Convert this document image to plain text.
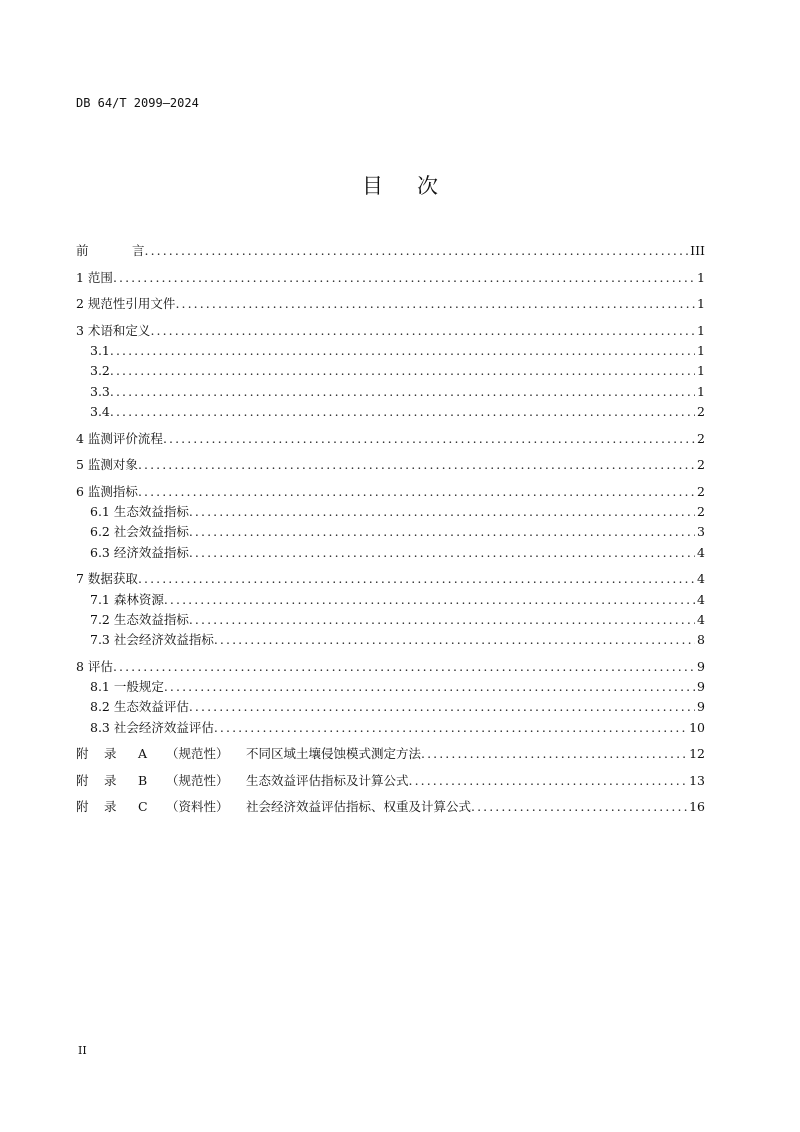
DB 64/T 2099—2024
目 次
前	言 .....	III
1 范围 .....	1
2 规范性引用文件 .....	1
3 术语和定义 .....	1
3.1 .....	1
3.2 .....	1
3.3 .....	1
3.4 .....	2
4 监测评价流程 .....	2
5 监测对象 .....	2
6 监测指标 .....	2
6.1 生态效益指标 .....	2
6.2 社会效益指标 .....	3
6.3 经济效益指标 .....	4
7 数据获取 .....	4
7.1 森林资源 .....	4
7.2 生态效益指标 .....	4
7.3 社会经济效益指标 .....	8
8 评估 .....	9
8.1 一般规定 .....	9
8.2 生态效益评估 .....	9
8.3 社会经济效益评估 .....	10
附 录 A （规范性） 不同区域土壤侵蚀模式测定方法 .....	12
附 录 B （规范性） 生态效益评估指标及计算公式 .....	13
附 录 C （资料性） 社会经济效益评估指标、权重及计算公式 .....	16
II
